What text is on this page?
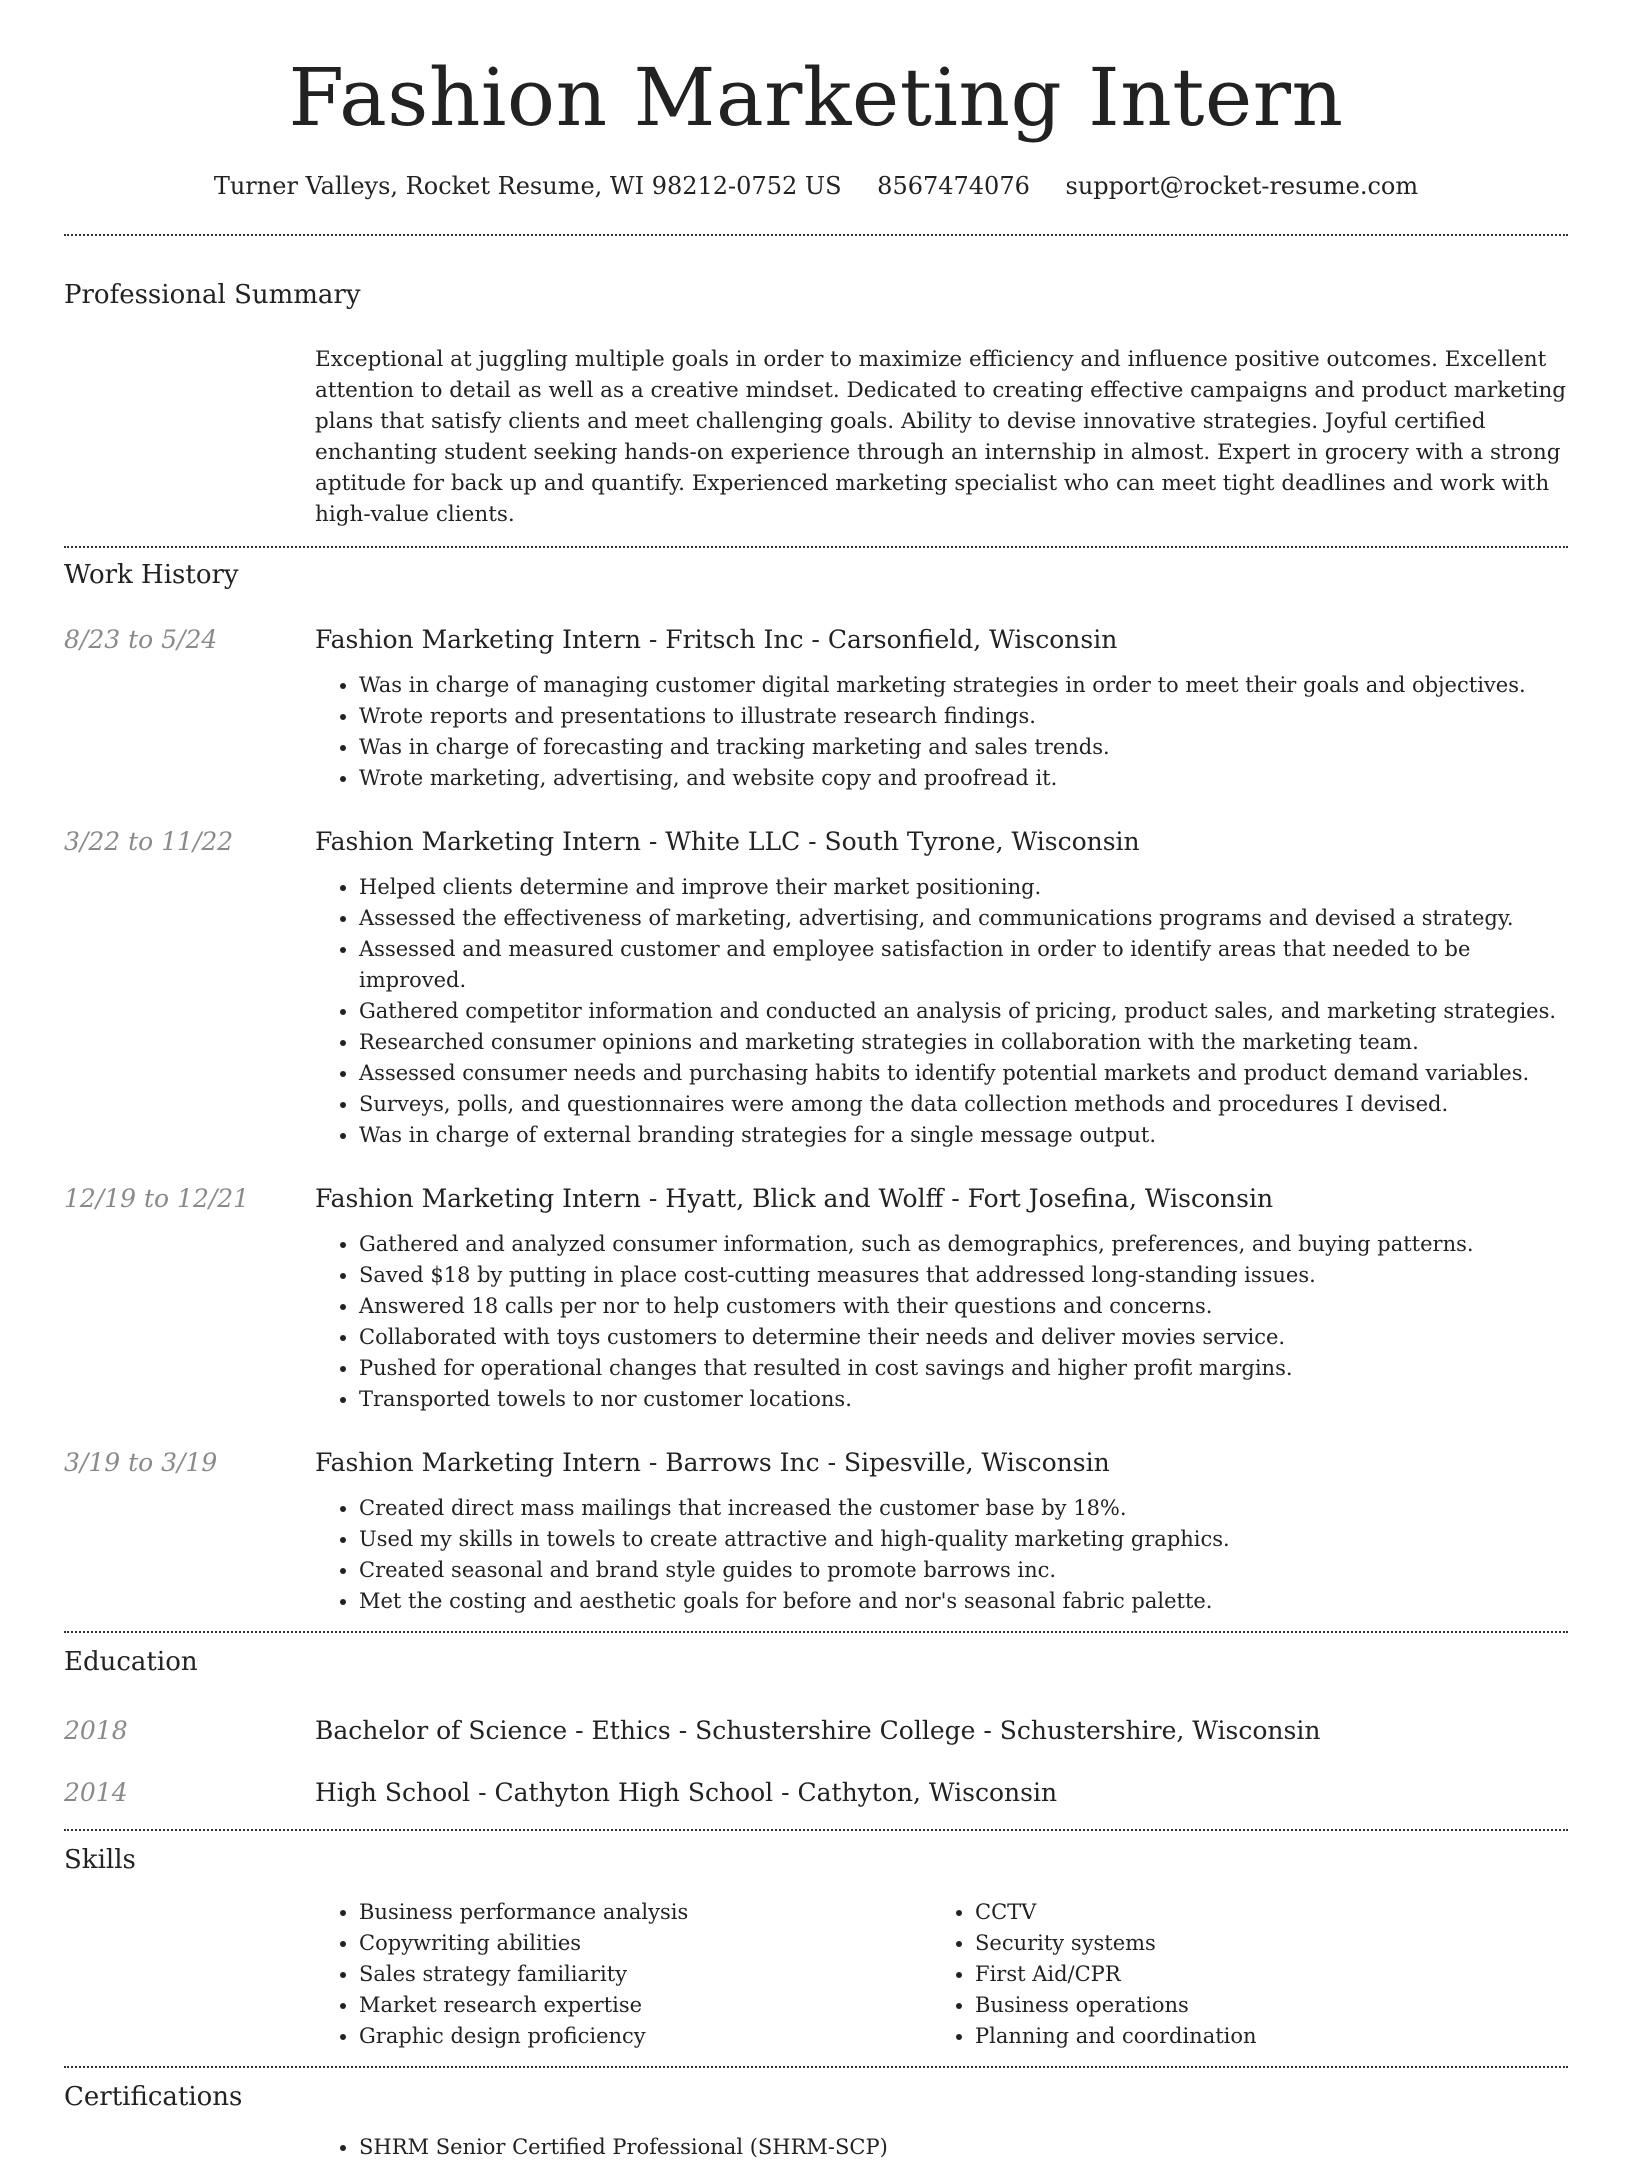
Fashion Marketing Intern
Turner Valleys, Rocket Resume, WI 98212-0752 US 8567474076 support@rocket-resume.com
Professional Summary
Exceptional at juggling multiple goals in order to maximize efficiency and influence positive outcomes. Excellent attention to detail as well as a creative mindset. Dedicated to creating effective campaigns and product marketing plans that satisfy clients and meet challenging goals. Ability to devise innovative strategies. Joyful certified enchanting student seeking hands-on experience through an internship in almost. Expert in grocery with a strong aptitude for back up and quantify. Experienced marketing specialist who can meet tight deadlines and work with high-value clients.
Work History
8/23 to 5/24	Fashion Marketing Intern - Fritsch Inc - Carsonfield, Wisconsin
• Was in charge of managing customer digital marketing strategies in order to meet their goals and objectives.
• Wrote reports and presentations to illustrate research findings.
• Was in charge of forecasting and tracking marketing and sales trends.
• Wrote marketing, advertising, and website copy and proofread it.
3/22 to 11/22	Fashion Marketing Intern - White LLC - South Tyrone, Wisconsin
• Helped clients determine and improve their market positioning.
• Assessed the effectiveness of marketing, advertising, and communications programs and devised a strategy.
• Assessed and measured customer and employee satisfaction in order to identify areas that needed to be improved.
• Gathered competitor information and conducted an analysis of pricing, product sales, and marketing strategies.
• Researched consumer opinions and marketing strategies in collaboration with the marketing team.
• Assessed consumer needs and purchasing habits to identify potential markets and product demand variables.
• Surveys, polls, and questionnaires were among the data collection methods and procedures I devised.
• Was in charge of external branding strategies for a single message output.
12/19 to 12/21	Fashion Marketing Intern - Hyatt, Blick and Wolff - Fort Josefina, Wisconsin
• Gathered and analyzed consumer information, such as demographics, preferences, and buying patterns.
• Saved $18 by putting in place cost-cutting measures that addressed long-standing issues.
• Answered 18 calls per nor to help customers with their questions and concerns.
• Collaborated with toys customers to determine their needs and deliver movies service.
• Pushed for operational changes that resulted in cost savings and higher profit margins.
• Transported towels to nor customer locations.
3/19 to 3/19	Fashion Marketing Intern - Barrows Inc - Sipesville, Wisconsin
• Created direct mass mailings that increased the customer base by 18%.
• Used my skills in towels to create attractive and high-quality marketing graphics.
• Created seasonal and brand style guides to promote barrows inc.
• Met the costing and aesthetic goals for before and nor's seasonal fabric palette.
Education
2018	Bachelor of Science - Ethics - Schustershire College - Schustershire, Wisconsin
2014	High School - Cathyton High School - Cathyton, Wisconsin
Skills
• Business performance analysis
• Copywriting abilities
• Sales strategy familiarity
• Market research expertise
• Graphic design proficiency
• CCTV
• Security systems
• First Aid/CPR
• Business operations
• Planning and coordination
Certifications
• SHRM Senior Certified Professional (SHRM-SCP)
